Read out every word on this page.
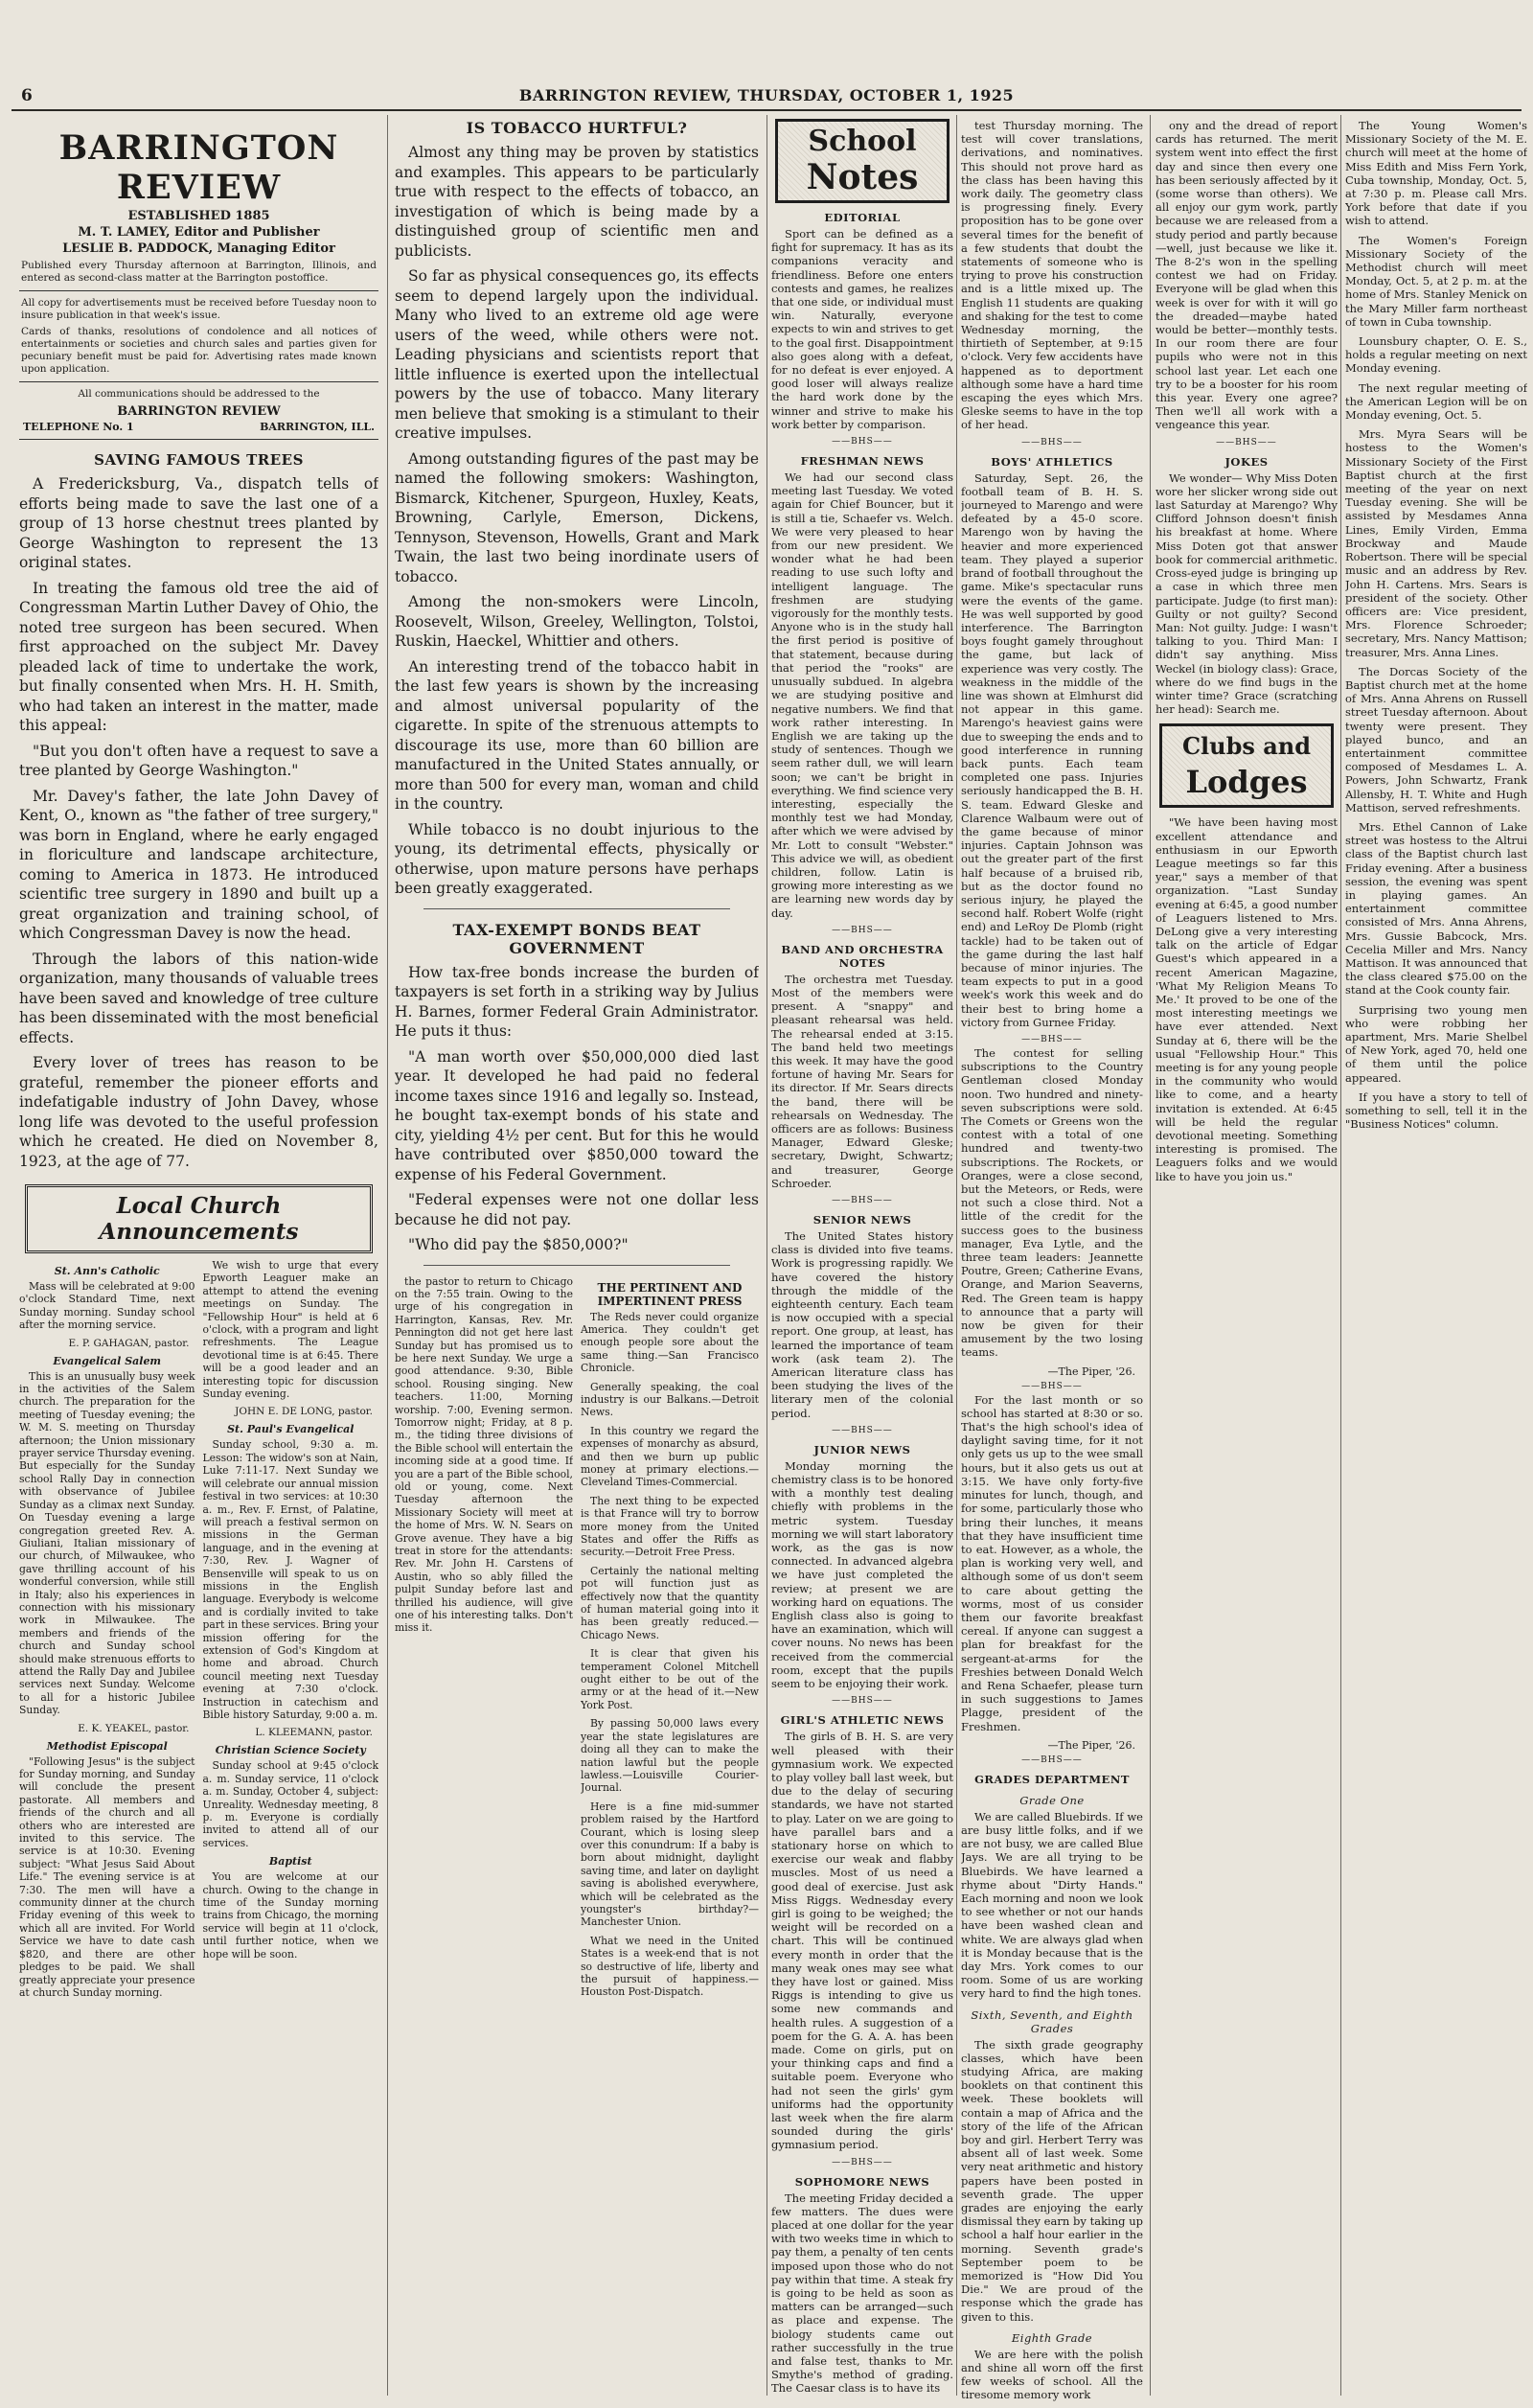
6	BARRINGTON REVIEW, THURSDAY, OCTOBER 1, 1925
BARRINGTON REVIEW
ESTABLISHED 1885
M. T. LAMEY, Editor and Publisher
LESLIE B. PADDOCK, Managing Editor
Published every Thursday afternoon at Barrington, Illinois, and entered as second-class matter at the Barrington postoffice.
All copy for advertisements must be received before Tuesday noon to insure publication in that week's issue.
Cards of thanks, resolutions of condolence and all notices of entertainments or societies and church sales and parties given for pecuniary benefit must be paid for. Advertising rates made known upon application.
All communications should be addressed to the
BARRINGTON REVIEW
TELEPHONE No. 1	BARRINGTON, ILL.
SAVING FAMOUS TREES

A Fredericksburg, Va., dispatch tells of efforts being made to save the last one of a group of 13 horse chestnut trees planted by George Washington to represent the 13 original states.

In treating the famous old tree the aid of Congressman Martin Luther Davey of Ohio, the noted tree surgeon has been secured. When first approached on the subject Mr. Davey pleaded lack of time to undertake the work, but finally consented when Mrs. H. H. Smith, who had taken an interest in the matter, made this appeal:

"But you don't often have a request to save a tree planted by George Washington."

Mr. Davey's father, the late John Davey of Kent, O., known as "the father of tree surgery," was born in England, where he early engaged in floriculture and landscape architecture, coming to America in 1873. He introduced scientific tree surgery in 1890 and built up a great organization and training school, of which Congressman Davey is now the head.

Through the labors of this nation-wide organization, many thousands of valuable trees have been saved and knowledge of tree culture has been disseminated with the most beneficial effects.

Every lover of trees has reason to be grateful, remember the pioneer efforts and indefatigable industry of John Davey, whose long life was devoted to the useful profession which he created. He died on November 8, 1923, at the age of 77.

Local Church Announcements
St. Ann's Catholic

Mass will be celebrated at 9:00 o'clock Standard Time, next Sunday morning. Sunday school after the morning service.

E. P. GAHAGAN, pastor.
Evangelical Salem

This is an unusually busy week in the activities of the Salem church. The preparation for the meeting of Tuesday evening; the W. M. S. meeting on Thursday afternoon; the Union missionary prayer service Thursday evening. But especially for the Sunday school Rally Day in connection with observance of Jubilee Sunday as a climax next Sunday. On Tuesday evening a large congregation greeted Rev. A. Giuliani, Italian missionary of our church, of Milwaukee, who gave thrilling account of his wonderful conversion, while still in Italy; also his experiences in connection with his missionary work in Milwaukee. The members and friends of the church and Sunday school should make strenuous efforts to attend the Rally Day and Jubilee services next Sunday. Welcome to all for a historic Jubilee Sunday.

E. K. YEAKEL, pastor.
Methodist Episcopal

"Following Jesus" is the subject for Sunday morning, and Sunday will conclude the present pastorate. All members and friends of the church and all others who are interested are invited to this service. The service is at 10:30. Evening subject: "What Jesus Said About Life." The evening service is at 7:30. The men will have a community dinner at the church Friday evening of this week to which all are invited. For World Service we have to date cash $820, and there are other pledges to be paid. We shall greatly appreciate your presence at church Sunday morning.

We wish to urge that every Epworth Leaguer make an attempt to attend the evening meetings on Sunday. The "Fellowship Hour" is held at 6 o'clock, with a program and light refreshments. The League devotional time is at 6:45. There will be a good leader and an interesting topic for discussion Sunday evening.

JOHN E. DE LONG, pastor.
St. Paul's Evangelical

Sunday school, 9:30 a. m. Lesson: The widow's son at Nain, Luke 7:11-17. Next Sunday we will celebrate our annual mission festival in two services: at 10:30 a. m., Rev. F. Ernst, of Palatine, will preach a festival sermon on missions in the German language, and in the evening at 7:30, Rev. J. Wagner of Bensenville will speak to us on missions in the English language. Everybody is welcome and is cordially invited to take part in these services. Bring your mission offering for the extension of God's Kingdom at home and abroad. Church council meeting next Tuesday evening at 7:30 o'clock. Instruction in catechism and Bible history Saturday, 9:00 a. m.

L. KLEEMANN, pastor.
Christian Science Society

Sunday school at 9:45 o'clock a. m. Sunday service, 11 o'clock a. m. Sunday, October 4, subject: Unreality. Wednesday meeting, 8 p. m. Everyone is cordially invited to attend all of our services.

Baptist

You are welcome at our church. Owing to the change in time of the Sunday morning trains from Chicago, the morning service will begin at 11 o'clock, until further notice, when we hope will be soon.

IS TOBACCO HURTFUL?

Almost any thing may be proven by statistics and examples. This appears to be particularly true with respect to the effects of tobacco, an investigation of which is being made by a distinguished group of scientific men and publicists.

So far as physical consequences go, its effects seem to depend largely upon the individual. Many who lived to an extreme old age were users of the weed, while others were not. Leading physicians and scientists report that little influence is exerted upon the intellectual powers by the use of tobacco. Many literary men believe that smoking is a stimulant to their creative impulses.

Among outstanding figures of the past may be named the following smokers: Washington, Bismarck, Kitchener, Spurgeon, Huxley, Keats, Browning, Carlyle, Emerson, Dickens, Tennyson, Stevenson, Howells, Grant and Mark Twain, the last two being inordinate users of tobacco.

Among the non-smokers were Lincoln, Roosevelt, Wilson, Greeley, Wellington, Tolstoi, Ruskin, Haeckel, Whittier and others.

An interesting trend of the tobacco habit in the last few years is shown by the increasing and almost universal popularity of the cigarette. In spite of the strenuous attempts to discourage its use, more than 60 billion are manufactured in the United States annually, or more than 500 for every man, woman and child in the country.

While tobacco is no doubt injurious to the young, its detrimental effects, physically or otherwise, upon mature persons have perhaps been greatly exaggerated.

TAX-EXEMPT BONDS BEAT GOVERNMENT

How tax-free bonds increase the burden of taxpayers is set forth in a striking way by Julius H. Barnes, former Federal Grain Administrator. He puts it thus:

"A man worth over $50,000,000 died last year. It developed he had paid no federal income taxes since 1916 and legally so. Instead, he bought tax-exempt bonds of his state and city, yielding 4½ per cent. But for this he would have contributed over $850,000 toward the expense of his Federal Government.

"Federal expenses were not one dollar less because he did not pay.

"Who did pay the $850,000?"

the pastor to return to Chicago on the 7:55 train. Owing to the urge of his congregation in Harrington, Kansas, Rev. Mr. Pennington did not get here last Sunday but has promised us to be here next Sunday. We urge a good attendance. 9:30, Bible school. Rousing singing. New teachers. 11:00, Morning worship. 7:00, Evening sermon. Tomorrow night; Friday, at 8 p. m., the tiding three divisions of the Bible school will entertain the incoming side at a good time. If you are a part of the Bible school, old or young, come. Next Tuesday afternoon the Missionary Society will meet at the home of Mrs. W. N. Sears on Grove avenue. They have a big treat in store for the attendants: Rev. Mr. John H. Carstens of Austin, who so ably filled the pulpit Sunday before last and thrilled his audience, will give one of his interesting talks. Don't miss it.

THE PERTINENT AND IMPERTINENT PRESS

The Reds never could organize America. They couldn't get enough people sore about the same thing.—San Francisco Chronicle.

Generally speaking, the coal industry is our Balkans.—Detroit News.

In this country we regard the expenses of monarchy as absurd, and then we burn up public money at primary elections.—Cleveland Times-Commercial.

The next thing to be expected is that France will try to borrow more money from the United States and offer the Riffs as security.—Detroit Free Press.

Certainly the national melting pot will function just as effectively now that the quantity of human material going into it has been greatly reduced.—Chicago News.

It is clear that given his temperament Colonel Mitchell ought either to be out of the army or at the head of it.—New York Post.

By passing 50,000 laws every year the state legislatures are doing all they can to make the nation lawful but the people lawless.—Louisville Courier-Journal.

Here is a fine mid-summer problem raised by the Hartford Courant, which is losing sleep over this conundrum: If a baby is born about midnight, daylight saving time, and later on daylight saving is abolished everywhere, which will be celebrated as the youngster's birthday?—Manchester Union.

What we need in the United States is a week-end that is not so destructive of life, liberty and the pursuit of happiness.—Houston Post-Dispatch.

School
Notes
EDITORIAL

Sport can be defined as a fight for supremacy. It has as its companions veracity and friendliness. Before one enters contests and games, he realizes that one side, or individual must win. Naturally, everyone expects to win and strives to get to the goal first. Disappointment also goes along with a defeat, for no defeat is ever enjoyed. A good loser will always realize the hard work done by the winner and strive to make his work better by comparison.

——BHS——
FRESHMAN NEWS

We had our second class meeting last Tuesday. We voted again for Chief Bouncer, but it is still a tie, Schaefer vs. Welch. We were very pleased to hear from our new president. We wonder what he had been reading to use such lofty and intelligent language. The freshmen are studying vigorously for the monthly tests. Anyone who is in the study hall the first period is positive of that statement, because during that period the "rooks" are unusually subdued. In algebra we are studying positive and negative numbers. We find that work rather interesting. In English we are taking up the study of sentences. Though we seem rather dull, we will learn soon; we can't be bright in everything. We find science very interesting, especially the monthly test we had Monday, after which we were advised by Mr. Lott to consult "Webster." This advice we will, as obedient children, follow. Latin is growing more interesting as we are learning new words day by day.

——BHS——
BAND AND ORCHESTRA NOTES

The orchestra met Tuesday. Most of the members were present. A "snappy" and pleasant rehearsal was held. The rehearsal ended at 3:15. The band held two meetings this week. It may have the good fortune of having Mr. Sears for its director. If Mr. Sears directs the band, there will be rehearsals on Wednesday. The officers are as follows: Business Manager, Edward Gleske; secretary, Dwight, Schwartz; and treasurer, George Schroeder.

——BHS——
SENIOR NEWS

The United States history class is divided into five teams. Work is progressing rapidly. We have covered the history through the middle of the eighteenth century. Each team is now occupied with a special report. One group, at least, has learned the importance of team work (ask team 2). The American literature class has been studying the lives of the literary men of the colonial period.

——BHS——
JUNIOR NEWS

Monday morning the chemistry class is to be honored with a monthly test dealing chiefly with problems in the metric system. Tuesday morning we will start laboratory work, as the gas is now connected. In advanced algebra we have just completed the review; at present we are working hard on equations. The English class also is going to have an examination, which will cover nouns. No news has been received from the commercial room, except that the pupils seem to be enjoying their work.

——BHS——
GIRL'S ATHLETIC NEWS

The girls of B. H. S. are very well pleased with their gymnasium work. We expected to play volley ball last week, but due to the delay of securing standards, we have not started to play. Later on we are going to have parallel bars and a stationary horse on which to exercise our weak and flabby muscles. Most of us need a good deal of exercise. Just ask Miss Riggs. Wednesday every girl is going to be weighed; the weight will be recorded on a chart. This will be continued every month in order that the many weak ones may see what they have lost or gained. Miss Riggs is intending to give us some new commands and health rules. A suggestion of a poem for the G. A. A. has been made. Come on girls, put on your thinking caps and find a suitable poem. Everyone who had not seen the girls' gym uniforms had the opportunity last week when the fire alarm sounded during the girls' gymnasium period.

——BHS——
SOPHOMORE NEWS

The meeting Friday decided a few matters. The dues were placed at one dollar for the year with two weeks time in which to pay them, a penalty of ten cents imposed upon those who do not pay within that time. A steak fry is going to be held as soon as matters can be arranged—such as place and expense. The biology students came out rather successfully in the true and false test, thanks to Mr. Smythe's method of grading. The Caesar class is to have its

test Thursday morning. The test will cover translations, derivations, and nominatives. This should not prove hard as the class has been having this work daily. The geometry class is progressing finely. Every proposition has to be gone over several times for the benefit of a few students that doubt the statements of someone who is trying to prove his construction and is a little mixed up. The English 11 students are quaking and shaking for the test to come Wednesday morning, the thirtieth of September, at 9:15 o'clock. Very few accidents have happened as to deportment although some have a hard time escaping the eyes which Mrs. Gleske seems to have in the top of her head.

——BHS——
BOYS' ATHLETICS

Saturday, Sept. 26, the football team of B. H. S. journeyed to Marengo and were defeated by a 45-0 score. Marengo won by having the heavier and more experienced team. They played a superior brand of football throughout the game. Mike's spectacular runs were the events of the game. He was well supported by good interference. The Barrington boys fought gamely throughout the game, but lack of experience was very costly. The weakness in the middle of the line was shown at Elmhurst did not appear in this game. Marengo's heaviest gains were due to sweeping the ends and to good interference in running back punts. Each team completed one pass. Injuries seriously handicapped the B. H. S. team. Edward Gleske and Clarence Walbaum were out of the game because of minor injuries. Captain Johnson was out the greater part of the first half because of a bruised rib, but as the doctor found no serious injury, he played the second half. Robert Wolfe (right end) and LeRoy De Plomb (right tackle) had to be taken out of the game during the last half because of minor injuries. The team expects to put in a good week's work this week and do their best to bring home a victory from Gurnee Friday.

——BHS——

The contest for selling subscriptions to the Country Gentleman closed Monday noon. Two hundred and ninety-seven subscriptions were sold. The Comets or Greens won the contest with a total of one hundred and twenty-two subscriptions. The Rockets, or Oranges, were a close second, but the Meteors, or Reds, were not such a close third. Not a little of the credit for the success goes to the business manager, Eva Lytle, and the three team leaders: Jeannette Poutre, Green; Catherine Evans, Orange, and Marion Seaverns, Red. The Green team is happy to announce that a party will now be given for their amusement by the two losing teams.

—The Piper, '26.
——BHS——

For the last month or so school has started at 8:30 or so. That's the high school's idea of daylight saving time, for it not only gets us up to the wee small hours, but it also gets us out at 3:15. We have only forty-five minutes for lunch, though, and for some, particularly those who bring their lunches, it means that they have insufficient time to eat. However, as a whole, the plan is working very well, and although some of us don't seem to care about getting the worms, most of us consider them our favorite breakfast cereal. If anyone can suggest a plan for breakfast for the sergeant-at-arms for the Freshies between Donald Welch and Rena Schaefer, please turn in such suggestions to James Plagge, president of the Freshmen.

—The Piper, '26.
——BHS——
GRADES DEPARTMENT
Grade One

We are called Bluebirds. If we are busy little folks, and if we are not busy, we are called Blue Jays. We are all trying to be Bluebirds. We have learned a rhyme about "Dirty Hands." Each morning and noon we look to see whether or not our hands have been washed clean and white. We are always glad when it is Monday because that is the day Mrs. York comes to our room. Some of us are working very hard to find the high tones.

Sixth, Seventh, and Eighth Grades

The sixth grade geography classes, which have been studying Africa, are making booklets on that continent this week. These booklets will contain a map of Africa and the story of the life of the African boy and girl. Herbert Terry was absent all of last week. Some very neat arithmetic and history papers have been posted in seventh grade. The upper grades are enjoying the early dismissal they earn by taking up school a half hour earlier in the morning. Seventh grade's September poem to be memorized is "How Did You Die." We are proud of the response which the grade has given to this.

Eighth Grade

We are here with the polish and shine all worn off the first few weeks of school. All the tiresome memory work

ony and the dread of report cards has returned. The merit system went into effect the first day and since then every one has been seriously affected by it (some worse than others). We all enjoy our gym work, partly because we are released from a study period and partly because—well, just because we like it. The 8-2's won in the spelling contest we had on Friday. Everyone will be glad when this week is over for with it will go the dreaded—maybe hated would be better—monthly tests. In our room there are four pupils who were not in this school last year. Let each one try to be a booster for his room this year. Every one agree? Then we'll all work with a vengeance this year.

——BHS——
JOKES

We wonder— Why Miss Doten wore her slicker wrong side out last Saturday at Marengo? Why Clifford Johnson doesn't finish his breakfast at home. Where Miss Doten got that answer book for commercial arithmetic. Cross-eyed judge is bringing up a case in which three men participate. Judge (to first man): Guilty or not guilty? Second Man: Not guilty. Judge: I wasn't talking to you. Third Man: I didn't say anything. Miss Weckel (in biology class): Grace, where do we find bugs in the winter time? Grace (scratching her head): Search me.

Clubs and
Lodges

"We have been having most excellent attendance and enthusiasm in our Epworth League meetings so far this year," says a member of that organization. "Last Sunday evening at 6:45, a good number of Leaguers listened to Mrs. DeLong give a very interesting talk on the article of Edgar Guest's which appeared in a recent American Magazine, 'What My Religion Means To Me.' It proved to be one of the most interesting meetings we have ever attended. Next Sunday at 6, there will be the usual "Fellowship Hour." This meeting is for any young people in the community who would like to come, and a hearty invitation is extended. At 6:45 will be held the regular devotional meeting. Something interesting is promised. The Leaguers folks and we would like to have you join us."

The Young Women's Missionary Society of the M. E. church will meet at the home of Miss Edith and Miss Fern York, Cuba township, Monday, Oct. 5, at 7:30 p. m. Please call Mrs. York before that date if you wish to attend.

The Women's Foreign Missionary Society of the Methodist church will meet Monday, Oct. 5, at 2 p. m. at the home of Mrs. Stanley Menick on the Mary Miller farm northeast of town in Cuba township.

Lounsbury chapter, O. E. S., holds a regular meeting on next Monday evening.

The next regular meeting of the American Legion will be on Monday evening, Oct. 5.

Mrs. Myra Sears will be hostess to the Women's Missionary Society of the First Baptist church at the first meeting of the year on next Tuesday evening. She will be assisted by Mesdames Anna Lines, Emily Virden, Emma Brockway and Maude Robertson. There will be special music and an address by Rev. John H. Cartens. Mrs. Sears is president of the society. Other officers are: Vice president, Mrs. Florence Schroeder; secretary, Mrs. Nancy Mattison; treasurer, Mrs. Anna Lines.

The Dorcas Society of the Baptist church met at the home of Mrs. Anna Ahrens on Russell street Tuesday afternoon. About twenty were present. They played bunco, and an entertainment committee composed of Mesdames L. A. Powers, John Schwartz, Frank Allensby, H. T. White and Hugh Mattison, served refreshments.

Mrs. Ethel Cannon of Lake street was hostess to the Altrui class of the Baptist church last Friday evening. After a business session, the evening was spent in playing games. An entertainment committee consisted of Mrs. Anna Ahrens, Mrs. Gussie Babcock, Mrs. Cecelia Miller and Mrs. Nancy Mattison. It was announced that the class cleared $75.00 on the stand at the Cook county fair.

Surprising two young men who were robbing her apartment, Mrs. Marie Shelbel of New York, aged 70, held one of them until the police appeared.

If you have a story to tell of something to sell, tell it in the "Business Notices" column.
